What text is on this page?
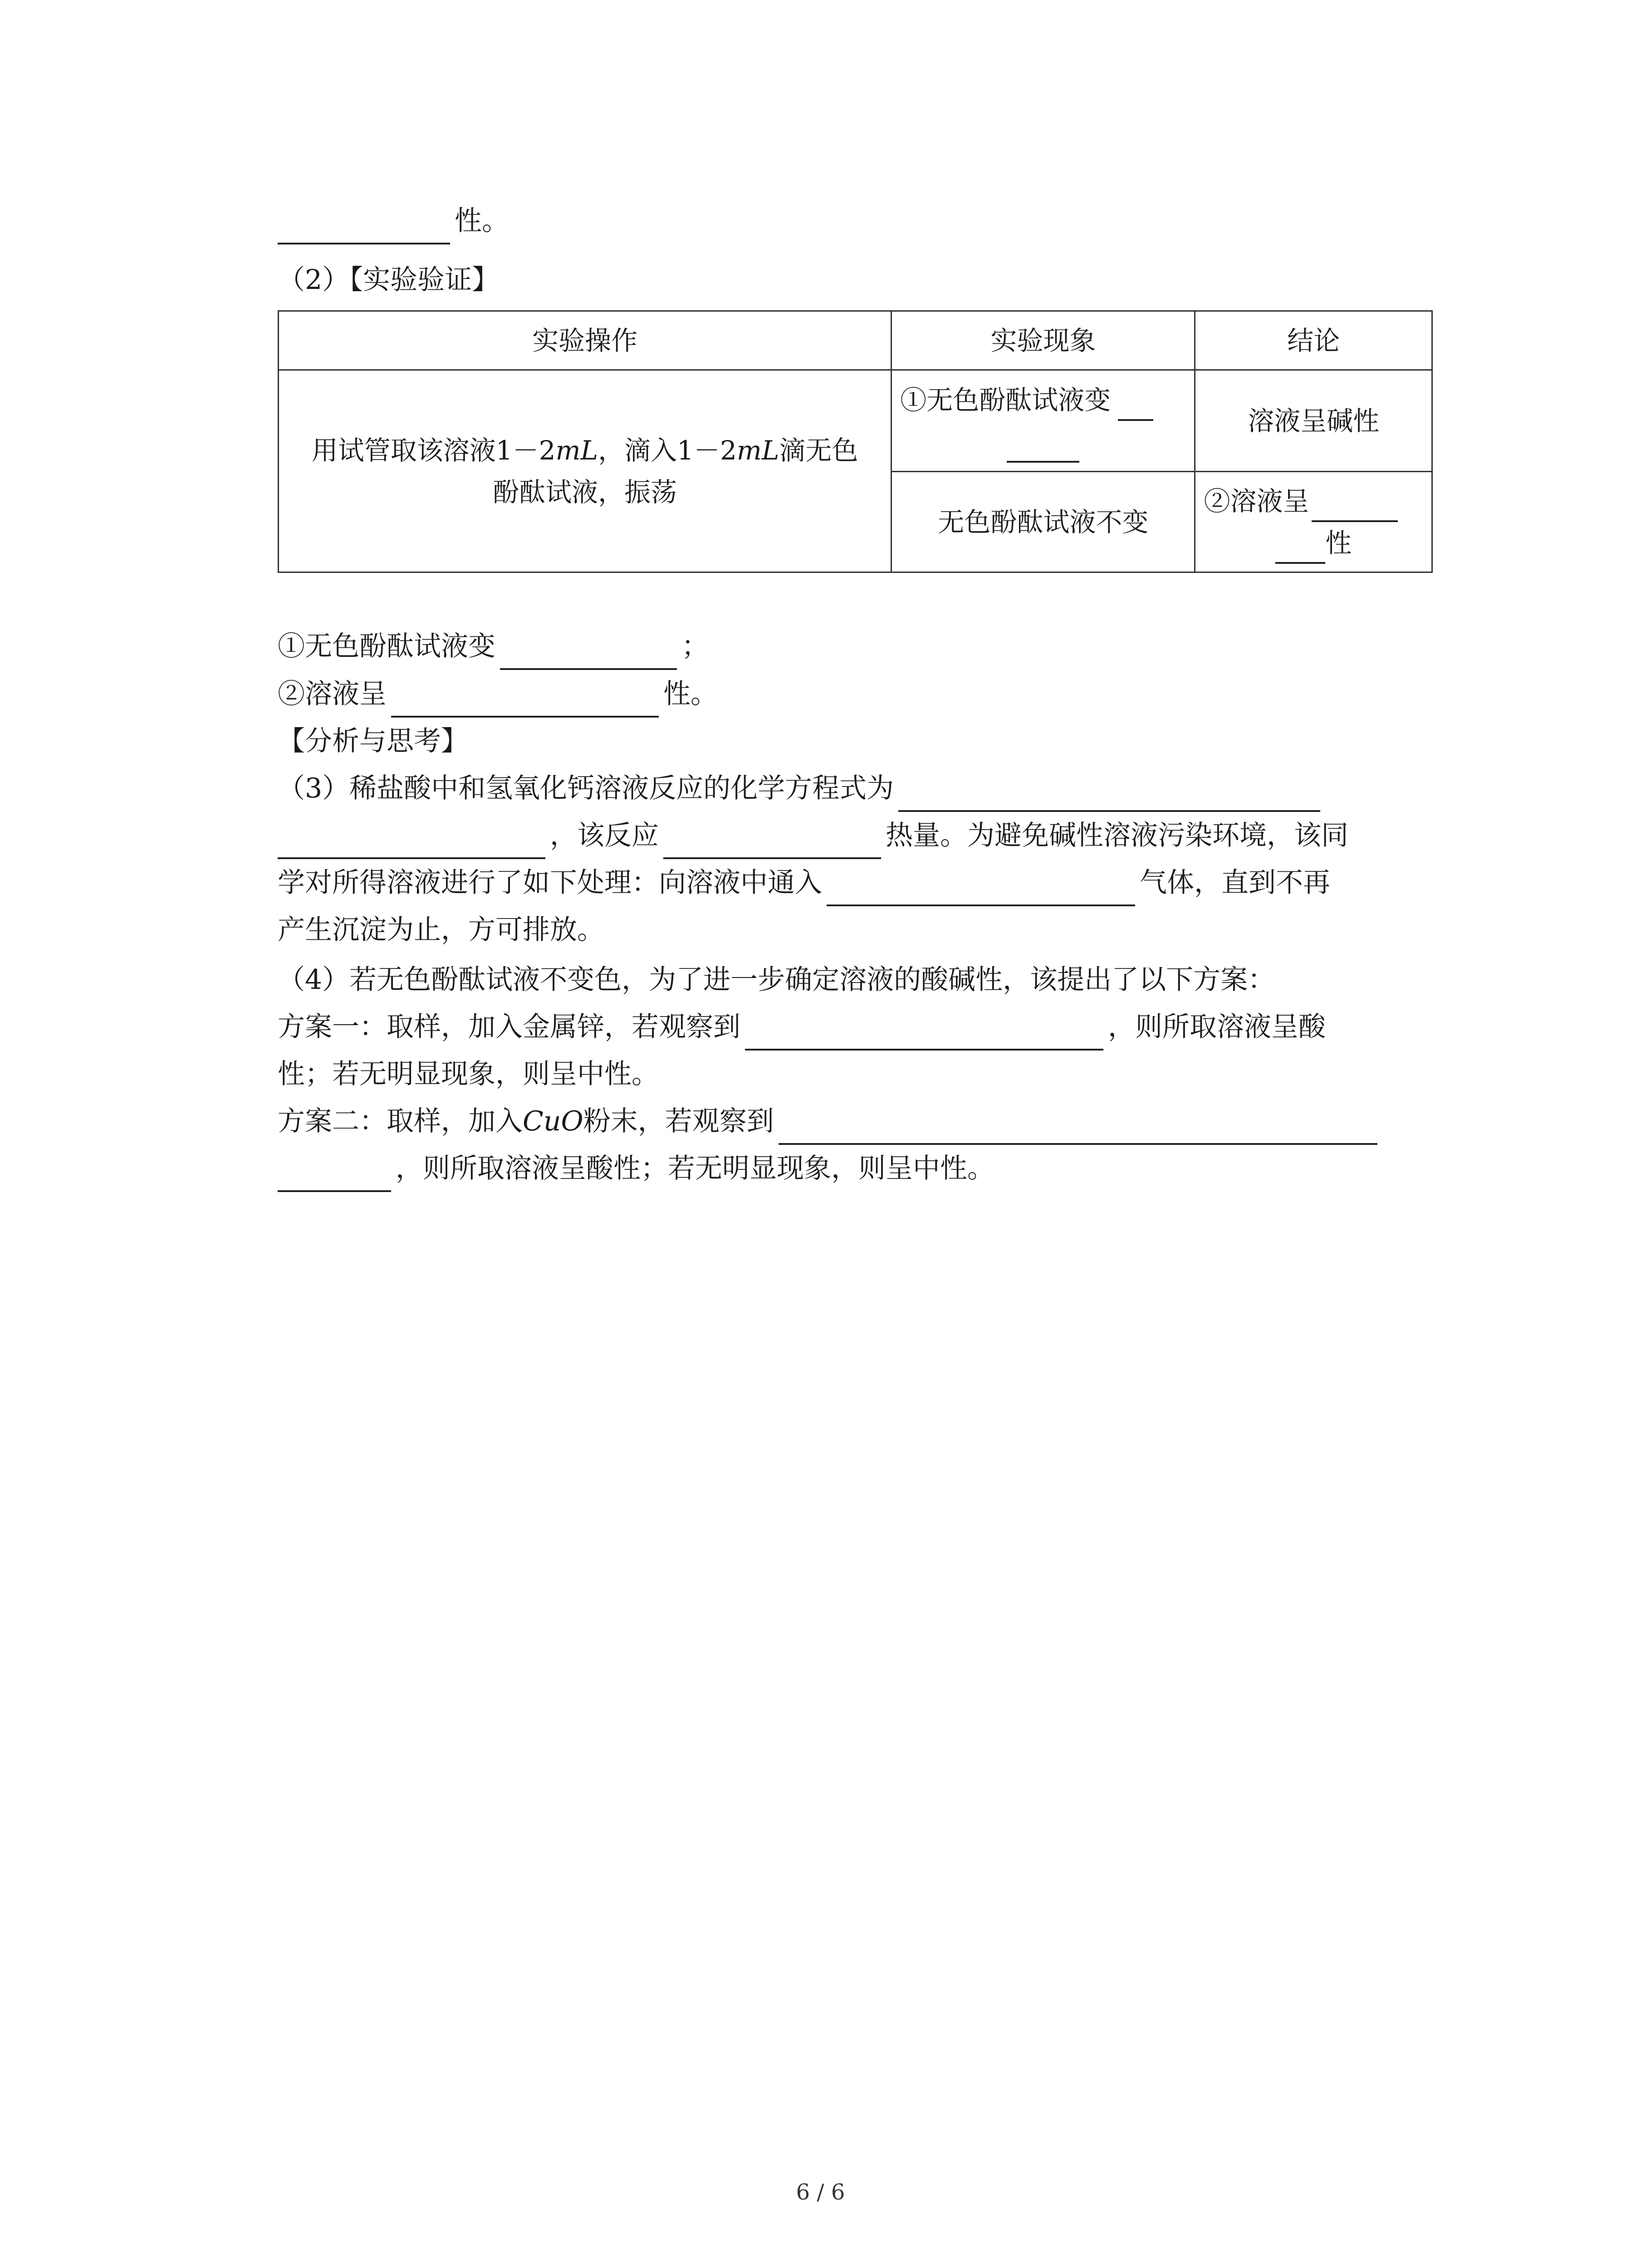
性。
（2）【实验验证】
实验操作	实验现象	结论

用试管取该溶液1－2mL，滴入1－2mL滴无色
酚酞试液，振荡	①无色酚酞试液变	溶液呈碱性
	无色酚酞试液不变	②溶液呈
性
①无色酚酞试液变	；
②溶液呈	性。
【分析与思考】
（3）稀盐酸中和氢氧化钙溶液反应的化学方程式为
，该反应	热量。为避免碱性溶液污染环境，该同
学对所得溶液进行了如下处理：向溶液中通入	气体，直到不再
产生沉淀为止，方可排放。
（4）若无色酚酞试液不变色，为了进一步确定溶液的酸碱性，该提出了以下方案：
方案一：取样，加入金属锌，若观察到	，则所取溶液呈酸
性；若无明显现象，则呈中性。
方案二：取样，加入CuO粉末，若观察到
，则所取溶液呈酸性；若无明显现象，则呈中性。
6 / 6
